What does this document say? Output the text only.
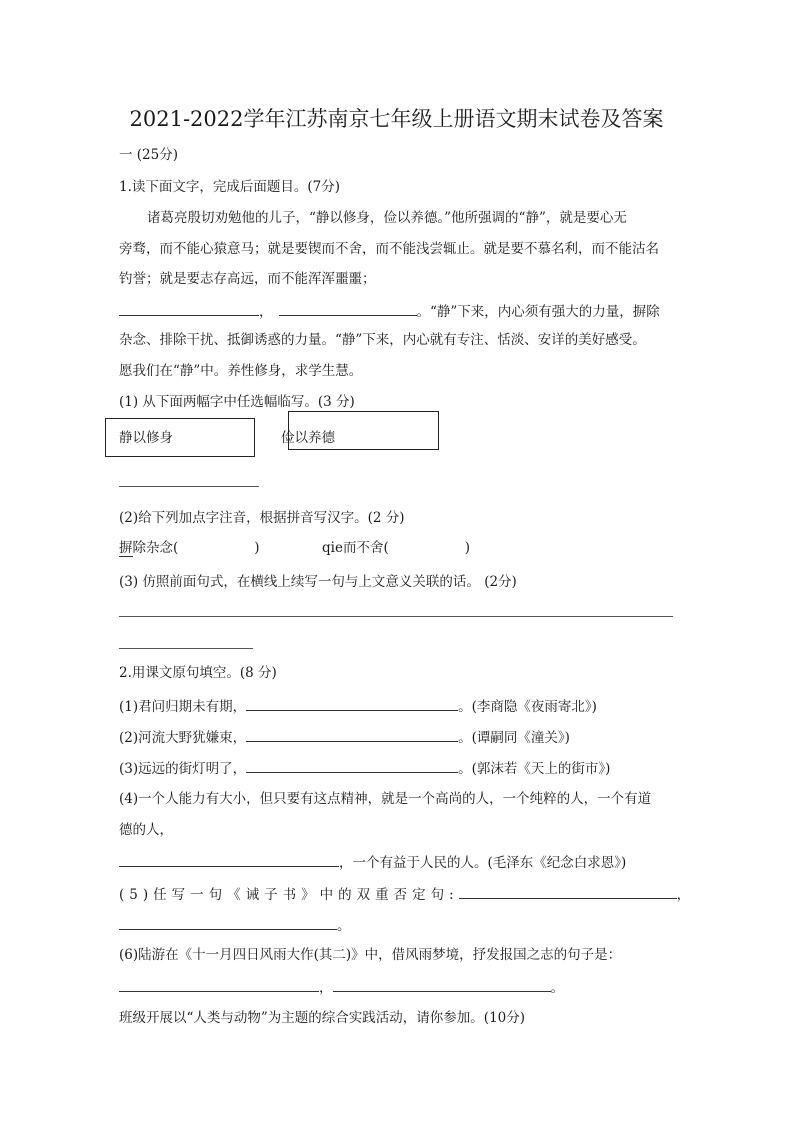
2021-2022学年江苏南京七年级上册语文期末试卷及答案
一 (25分)
1.读下面文字，完成后面题目。(7分)
诸葛亮殷切劝勉他的儿子，“静以修身，俭以养德。”他所强调的“静”，就是要心无
旁骛，而不能心猿意马；就是要锲而不舍，而不能浅尝辄止。就是要不慕名利，而不能沽名
钓誉；就是要志存高远，而不能浑浑噩噩；
，	。“静”下来，内心须有强大的力量，摒除
杂念、排除干扰、抵御诱惑的力量。“静”下来，内心就有专注、恬淡、安详的美好感受。
愿我们在“静”中。养性修身，求学生慧。
(1) 从下面两幅字中任选幅临写。(3 分)
静以修身	俭以养德
(2)给下列加点字注音，根据拼音写汉字。(2 分)
摒除杂念(	)	qie而不舍(	)
(3) 仿照前面句式，在横线上续写一句与上文意义关联的话。 (2分)
2.用课文原句填空。(8 分)
(1)君问归期未有期，	。(李商隐《夜雨寄北》)
(2)河流大野犹嫌束，	。(谭嗣同《潼关》)
(3)远远的街灯明了，	。(郭沫若《天上的街市》)
(4)一个人能力有大小，但只要有这点精神，就是一个高尚的人，一个纯粹的人，一个有道
德的人，
，一个有益于人民的人。(毛泽东《纪念白求恩》)
(5)任写一句《诫子书》中的双重否定句:	，
。
(6)陆游在《十一月四日风雨大作(其二)》中，借风雨梦境，抒发报国之志的句子是：
，	。
班级开展以“人类与动物”为主题的综合实践活动，请你参加。(10分)
